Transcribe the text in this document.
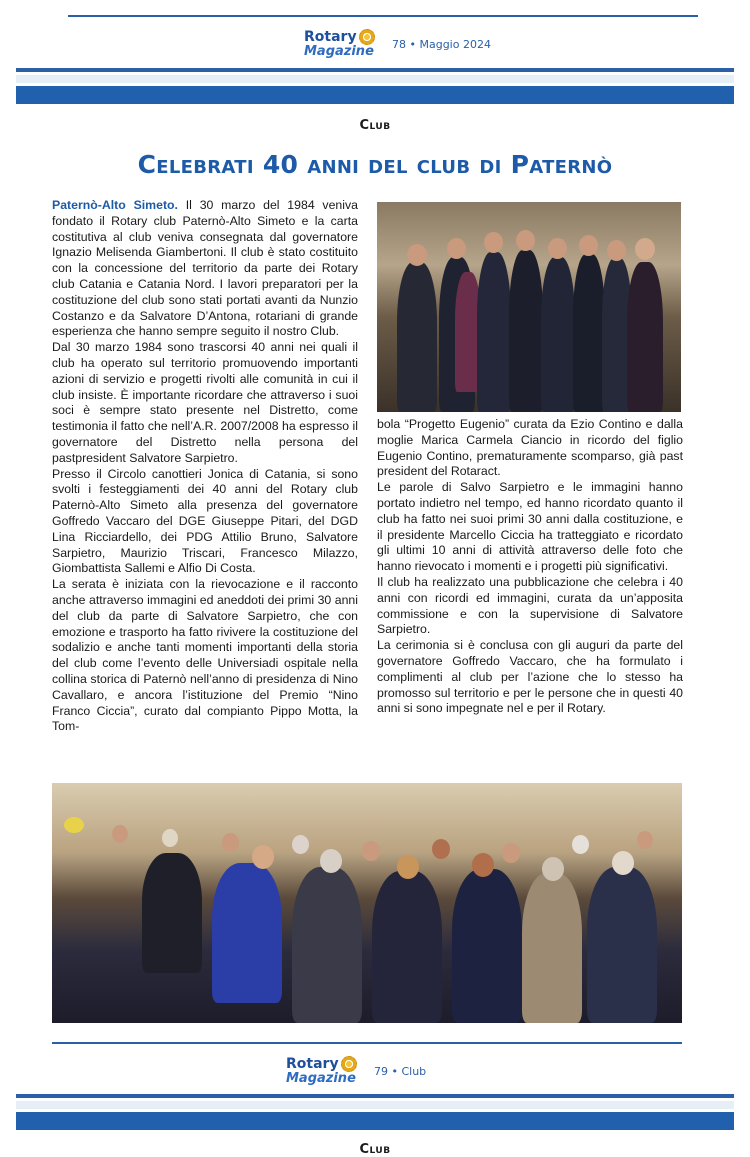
Rotary
Magazine 78 • Maggio 2024
Club
Celebrati 40 anni del club di Paternò

Paternò-Alto Simeto. Il 30 marzo del 1984 veniva fondato il Rotary club Paternò-Alto Simeto e la carta costitutiva al club veniva consegnata dal governatore Ignazio Melisenda Giambertoni. Il club è stato costituito con la concessione del territorio da parte dei Rotary club Catania e Catania Nord. I lavori preparatori per la costituzione del club sono stati portati avanti da Nunzio Costanzo e da Salvatore D’Antona, rotariani di grande esperienza che hanno sempre seguito il nostro Club.

Dal 30 marzo 1984 sono trascorsi 40 anni nei quali il club ha operato sul territorio promuovendo importanti azioni di servizio e progetti rivolti alle comunità in cui il club insiste. È importante ricordare che attraverso i suoi soci è sempre stato presente nel Distretto, come testimonia il fatto che nell’A.R. 2007/2008 ha espresso il governatore del Distretto nella persona del pastpresident Salvatore Sarpietro.

Presso il Circolo canottieri Jonica di Catania, si sono svolti i festeggiamenti dei 40 anni del Rotary club Paternò-Alto Simeto alla presenza del governatore Goffredo Vaccaro del DGE Giuseppe Pitari, del DGD Lina Ricciardello, dei PDG Attilio Bruno, Salvatore Sarpietro, Maurizio Triscari, Francesco Milazzo, Giombattista Sallemi e Alfio Di Costa.

La serata è iniziata con la rievocazione e il racconto anche attraverso immagini ed aneddoti dei primi 30 anni del club da parte di Salvatore Sarpietro, che con emozione e trasporto ha fatto rivivere la costituzione del sodalizio e anche tanti momenti importanti della storia del club come l’evento delle Universiadi ospitale nella collina storica di Paternò nell’anno di presidenza di Nino Cavallaro, e ancora l’istituzione del Premio “Nino Franco Ciccia”, curato dal compianto Pippo Motta, la Tom-

bola “Progetto Eugenio” curata da Ezio Contino e dalla moglie Marica Carmela Ciancio in ricordo del figlio Eugenio Contino, prematuramente scomparso, già past president del Rotaract.

Le parole di Salvo Sarpietro e le immagini hanno portato indietro nel tempo, ed hanno ricordato quanto il club ha fatto nei suoi primi 30 anni dalla costituzione, e il presidente Marcello Ciccia ha tratteggiato e ricordato gli ultimi 10 anni di attività attraverso delle foto che hanno rievocato i momenti e i progetti più significativi.

Il club ha realizzato una pubblicazione che celebra i 40 anni con ricordi ed immagini, curata da un’apposita commissione e con la supervisione di Salvatore Sarpietro.

La cerimonia si è conclusa con gli auguri da parte del governatore Goffredo Vaccaro, che ha formulato i complimenti al club per l’azione che lo stesso ha promosso sul territorio e per le persone che in questi 40 anni si sono impegnate nel e per il Rotary.

Rotary
Magazine 79 • Club
Club
